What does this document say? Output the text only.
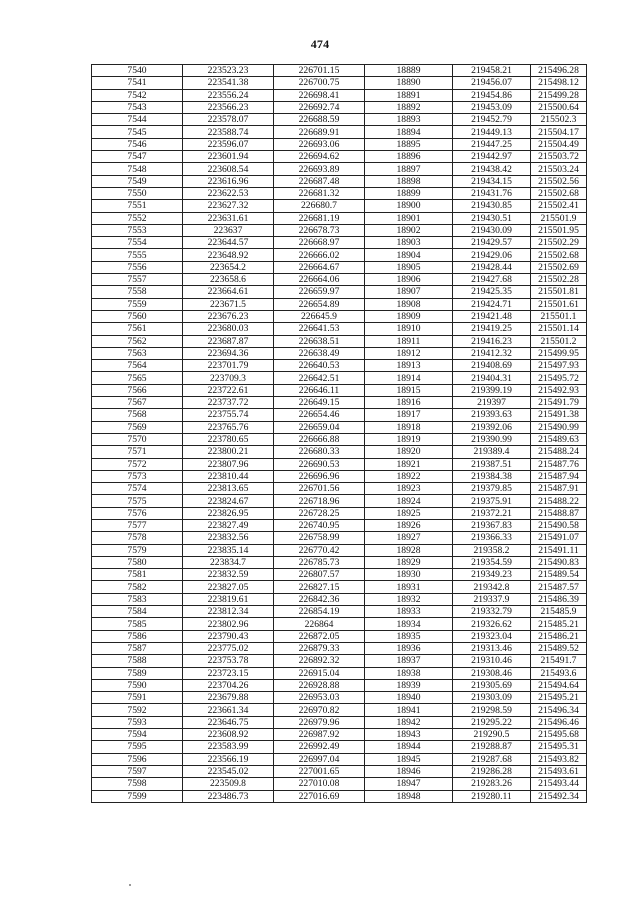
474
7540	223523.23	226701.15	18889	219458.21	215496.28
7541	223541.38	226700.75	18890	219456.07	215498.12
7542	223556.24	226698.41	18891	219454.86	215499.28
7543	223566.23	226692.74	18892	219453.09	215500.64
7544	223578.07	226688.59	18893	219452.79	215502.3
7545	223588.74	226689.91	18894	219449.13	215504.17
7546	223596.07	226693.06	18895	219447.25	215504.49
7547	223601.94	226694.62	18896	219442.97	215503.72
7548	223608.54	226693.89	18897	219438.42	215503.24
7549	223616.96	226687.48	18898	219434.15	215502.56
7550	223622.53	226681.32	18899	219431.76	215502.68
7551	223627.32	226680.7	18900	219430.85	215502.41
7552	223631.61	226681.19	18901	219430.51	215501.9
7553	223637	226678.73	18902	219430.09	215501.95
7554	223644.57	226668.97	18903	219429.57	215502.29
7555	223648.92	226666.02	18904	219429.06	215502.68
7556	223654.2	226664.67	18905	219428.44	215502.69
7557	223658.6	226664.06	18906	219427.68	215502.28
7558	223664.61	226659.97	18907	219425.35	215501.81
7559	223671.5	226654.89	18908	219424.71	215501.61
7560	223676.23	226645.9	18909	219421.48	215501.1
7561	223680.03	226641.53	18910	219419.25	215501.14
7562	223687.87	226638.51	18911	219416.23	215501.2
7563	223694.36	226638.49	18912	219412.32	215499.95
7564	223701.79	226640.53	18913	219408.69	215497.93
7565	223709.3	226642.51	18914	219404.31	215495.72
7566	223722.61	226646.11	18915	219399.19	215492.93
7567	223737.72	226649.15	18916	219397	215491.79
7568	223755.74	226654.46	18917	219393.63	215491.38
7569	223765.76	226659.04	18918	219392.06	215490.99
7570	223780.65	226666.88	18919	219390.99	215489.63
7571	223800.21	226680.33	18920	219389.4	215488.24
7572	223807.96	226690.53	18921	219387.51	215487.76
7573	223810.44	226696.96	18922	219384.38	215487.94
7574	223813.65	226701.56	18923	219379.85	215487.91
7575	223824.67	226718.96	18924	219375.91	215488.22
7576	223826.95	226728.25	18925	219372.21	215488.87
7577	223827.49	226740.95	18926	219367.83	215490.58
7578	223832.56	226758.99	18927	219366.33	215491.07
7579	223835.14	226770.42	18928	219358.2	215491.11
7580	223834.7	226785.73	18929	219354.59	215490.83
7581	223832.59	226807.57	18930	219349.23	215489.54
7582	223827.05	226827.15	18931	219342.8	215487.57
7583	223819.61	226842.36	18932	219337.9	215486.39
7584	223812.34	226854.19	18933	219332.79	215485.9
7585	223802.96	226864	18934	219326.62	215485.21
7586	223790.43	226872.05	18935	219323.04	215486.21
7587	223775.02	226879.33	18936	219313.46	215489.52
7588	223753.78	226892.32	18937	219310.46	215491.7
7589	223723.15	226915.04	18938	219308.46	215493.6
7590	223704.26	226928.88	18939	219305.69	215494.64
7591	223679.88	226953.03	18940	219303.09	215495.21
7592	223661.34	226970.82	18941	219298.59	215496.34
7593	223646.75	226979.96	18942	219295.22	215496.46
7594	223608.92	226987.92	18943	219290.5	215495.68
7595	223583.99	226992.49	18944	219288.87	215495.31
7596	223566.19	226997.04	18945	219287.68	215493.82
7597	223545.02	227001.65	18946	219286.28	215493.61
7598	223509.8	227010.08	18947	219283.26	215493.44
7599	223486.73	227016.69	18948	219280.11	215492.34
